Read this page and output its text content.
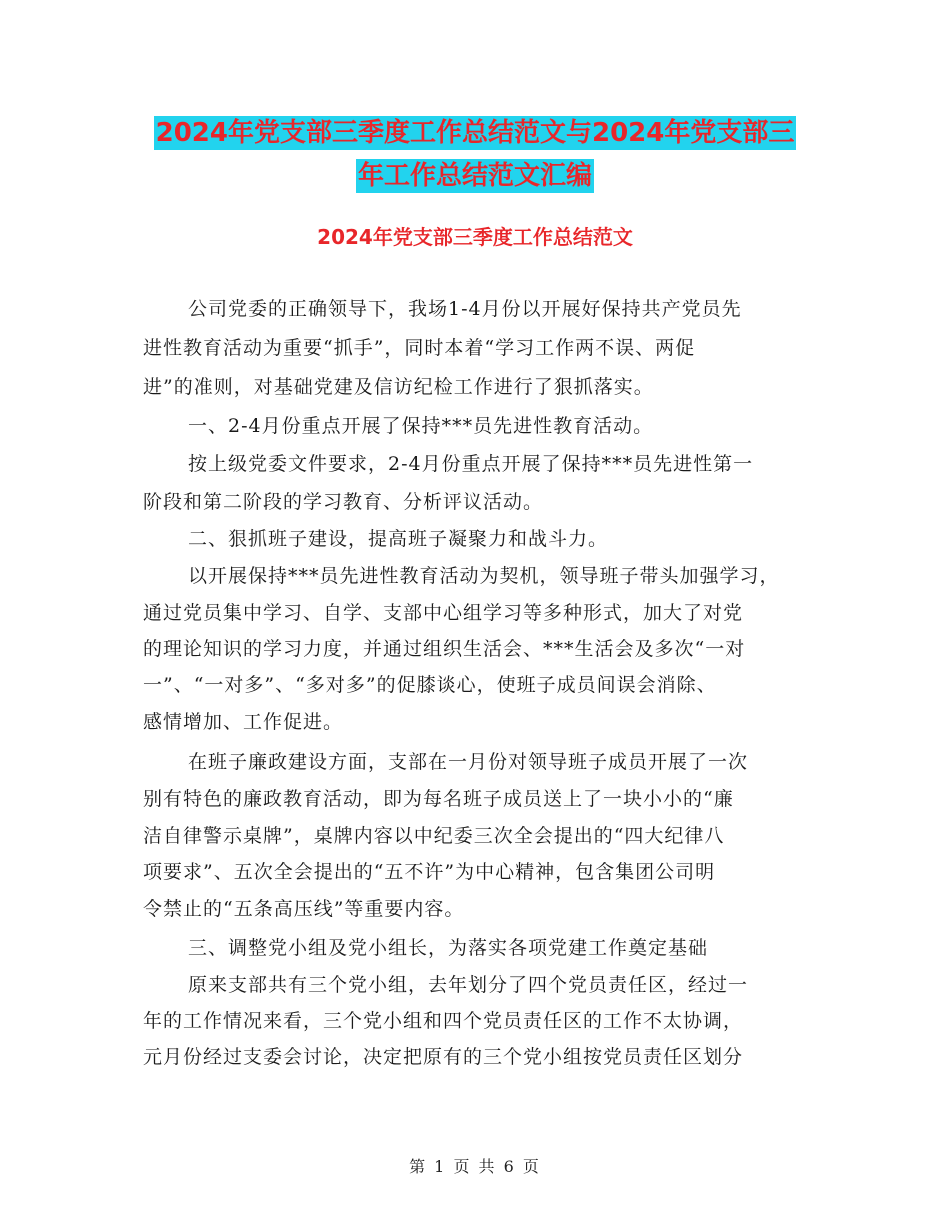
2024年党支部三季度工作总结范文与2024年党支部三
年工作总结范文汇编
2024年党支部三季度工作总结范文
公司党委的正确领导下，我场1-4月份以开展好保持共产党员先
进性教育活动为重要“抓手”，同时本着“学习工作两不误、两促
进”的准则，对基础党建及信访纪检工作进行了狠抓落实。
一、2-4月份重点开展了保持***员先进性教育活动。
按上级党委文件要求，2-4月份重点开展了保持***员先进性第一
阶段和第二阶段的学习教育、分析评议活动。
二、狠抓班子建设，提高班子凝聚力和战斗力。
以开展保持***员先进性教育活动为契机，领导班子带头加强学习，
通过党员集中学习、自学、支部中心组学习等多种形式，加大了对党
的理论知识的学习力度，并通过组织生活会、***生活会及多次“一对
一”、“一对多”、“多对多”的促膝谈心，使班子成员间误会消除、
感情增加、工作促进。
在班子廉政建设方面，支部在一月份对领导班子成员开展了一次
别有特色的廉政教育活动，即为每名班子成员送上了一块小小的“廉
洁自律警示桌牌”，桌牌内容以中纪委三次全会提出的“四大纪律八
项要求”、五次全会提出的“五不许”为中心精神，包含集团公司明
令禁止的“五条高压线”等重要内容。
三、调整党小组及党小组长，为落实各项党建工作奠定基础
原来支部共有三个党小组，去年划分了四个党员责任区，经过一
年的工作情况来看，三个党小组和四个党员责任区的工作不太协调，
元月份经过支委会讨论，决定把原有的三个党小组按党员责任区划分
第 1 页 共 6 页
